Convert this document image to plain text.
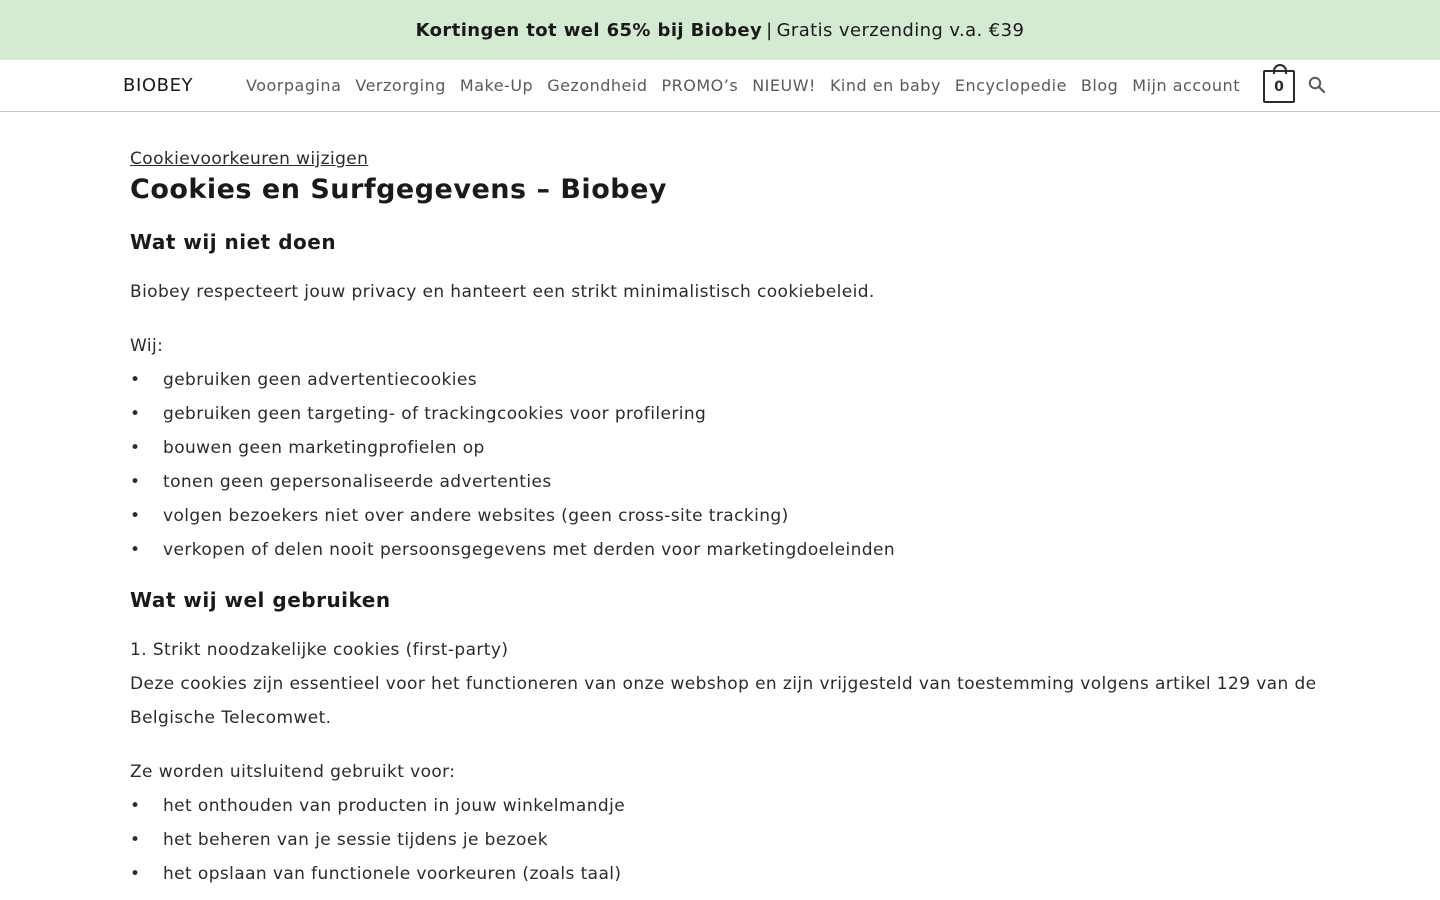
Kortingen tot wel 65% bij Biobey | Gratis verzending v.a. €39
BIOBEY	Voorpagina Verzorging Make-Up Gezondheid PROMO’s NIEUW! Kind en baby Encyclopedie Blog Mijn account	0
Cookievoorkeuren wijzigen
Cookies en Surfgegevens – Biobey
Wat wij niet doen

Biobey respecteert jouw privacy en hanteert een strikt minimalistisch cookiebeleid.

Wij:

• gebruiken geen advertentiecookies
• gebruiken geen targeting- of trackingcookies voor profilering
• bouwen geen marketingprofielen op
• tonen geen gepersonaliseerde advertenties
• volgen bezoekers niet over andere websites (geen cross-site tracking)
• verkopen of delen nooit persoonsgegevens met derden voor marketingdoeleinden
Wat wij wel gebruiken

1. Strikt noodzakelijke cookies (first-party)

Deze cookies zijn essentieel voor het functioneren van onze webshop en zijn vrijgesteld van toestemming volgens artikel 129 van de Belgische Telecomwet.

Ze worden uitsluitend gebruikt voor:

• het onthouden van producten in jouw winkelmandje
• het beheren van je sessie tijdens je bezoek
• het opslaan van functionele voorkeuren (zoals taal)
